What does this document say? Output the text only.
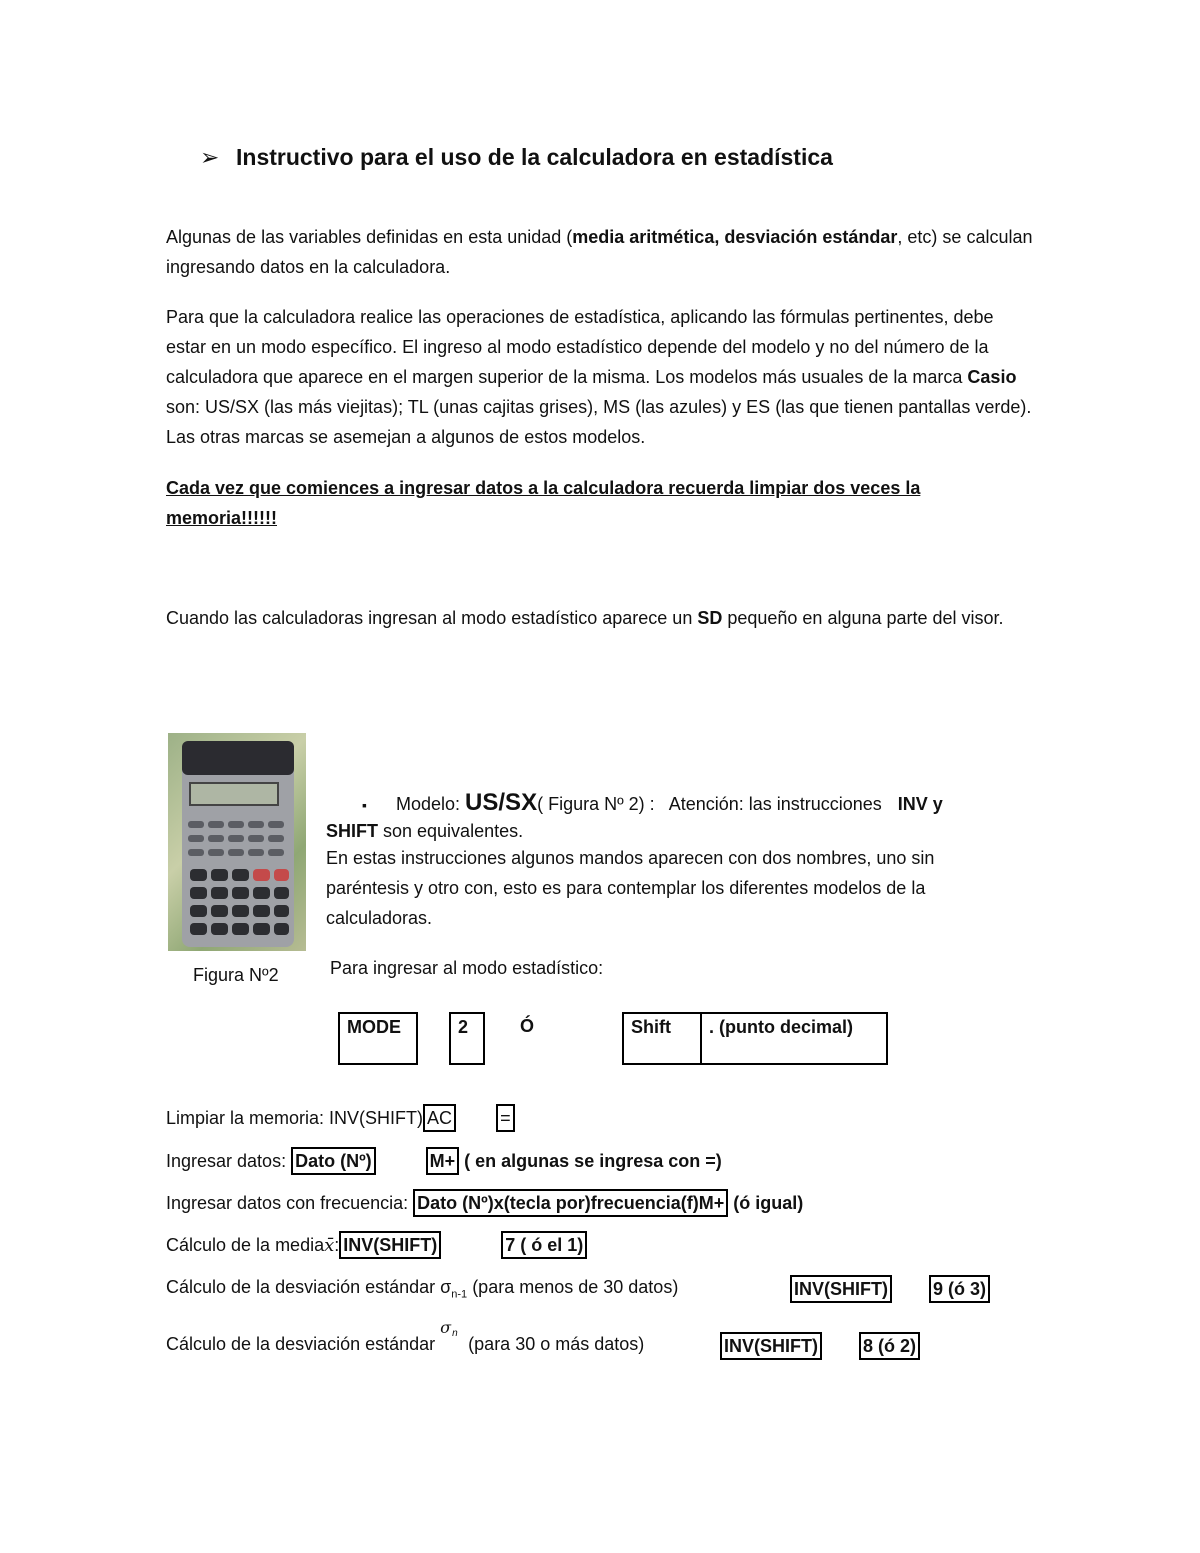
➢ Instructivo para el uso de la calculadora en estadística

Algunas de las variables definidas en esta unidad (media aritmética, desviación estándar, etc) se calculan ingresando datos en la calculadora.

Para que la calculadora realice las operaciones de estadística, aplicando las fórmulas pertinentes, debe estar en un modo específico. El ingreso al modo estadístico depende del modelo y no del número de la calculadora que aparece en el margen superior de la misma. Los modelos más usuales de la marca Casio son: US/SX (las más viejitas); TL (unas cajitas grises), MS (las azules) y ES (las que tienen pantallas verde). Las otras marcas se asemejan a algunos de estos modelos.

Cada vez que comiences a ingresar datos a la calculadora recuerda limpiar dos veces la memoria!!!!!!

Cuando las calculadoras ingresan al modo estadístico aparece un SD pequeño en alguna parte del visor.

Figura Nº2
▪ Modelo: US/SX( Figura Nº 2) : Atención: las instrucciones INV y
SHIFT son equivalentes.

En estas instrucciones algunos mandos aparecen con dos nombres, uno sin paréntesis y otro con, esto es para contemplar los diferentes modelos de la calculadoras.

Para ingresar al modo estadístico:
MODE	2	Ó	Shift	. (punto decimal)
Limpiar la memoria: INV(SHIFT) AC	=
Ingresar datos: Dato (Nº)	M+ ( en algunas se ingresa con =)
Ingresar datos con frecuencia: Dato (Nº)x(tecla por)frecuencia(f)M+ (ó igual)
Cálculo de la mediax̄: INV(SHIFT)	7 ( ó el 1)
Cálculo de la desviación estándar $\sigma_{n-1}$ (para menos de 30 datos)	INV(SHIFT)	9 (ó 3)
Cálculo de la desviación estándar
σ n
(para 30 o más datos)	INV(SHIFT)	8 (ó 2)
